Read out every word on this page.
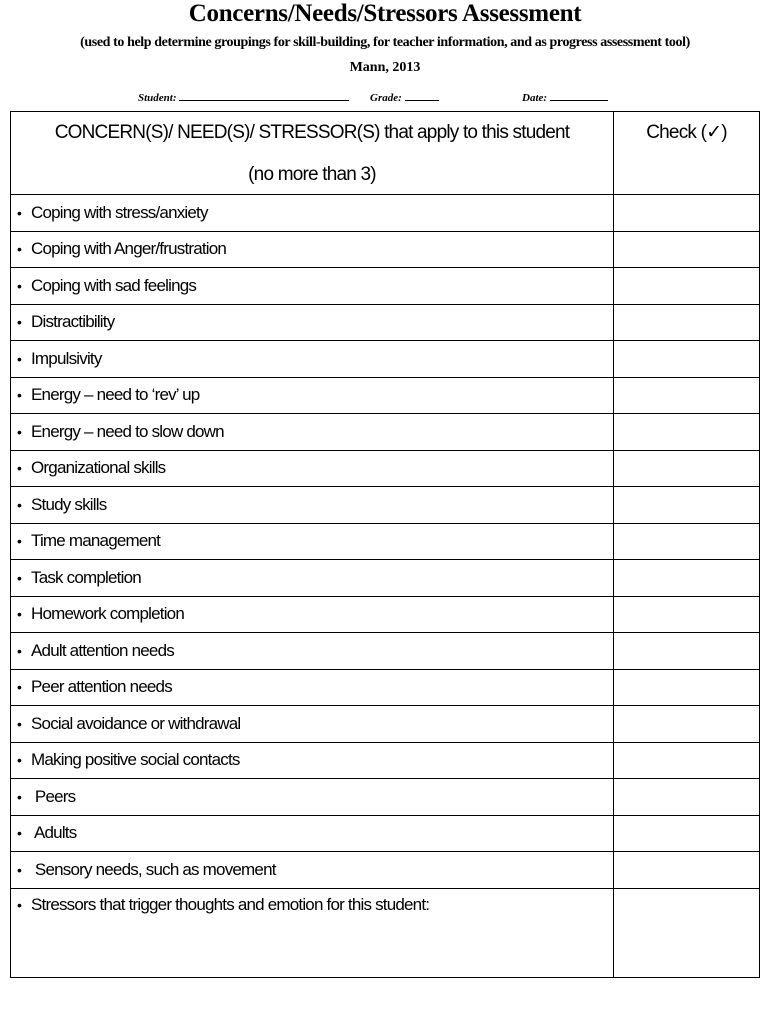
Concerns/Needs/Stressors Assessment
(used to help determine groupings for skill-building, for teacher information, and as progress assessment tool)
Mann, 2013
Student:	Grade:	Date:
CONCERN(S)/ NEED(S)/ STRESSOR(S) that apply to this student
(no more than 3)	Check (✓)

• Coping with stress/anxiety	
• Coping with Anger/frustration	
• Coping with sad feelings	
• Distractibility	
• Impulsivity	
• Energy – need to ‘rev’ up	
• Energy – need to slow down	
• Organizational skills	
• Study skills	
• Time management	
• Task completion	
• Homework completion	
• Adult attention needs	
• Peer attention needs	
• Social avoidance or withdrawal	
• Making positive social contacts	
• Peers	
• Adults	
• Sensory needs, such as movement	
• Stressors that trigger thoughts and emotion for this student:	
